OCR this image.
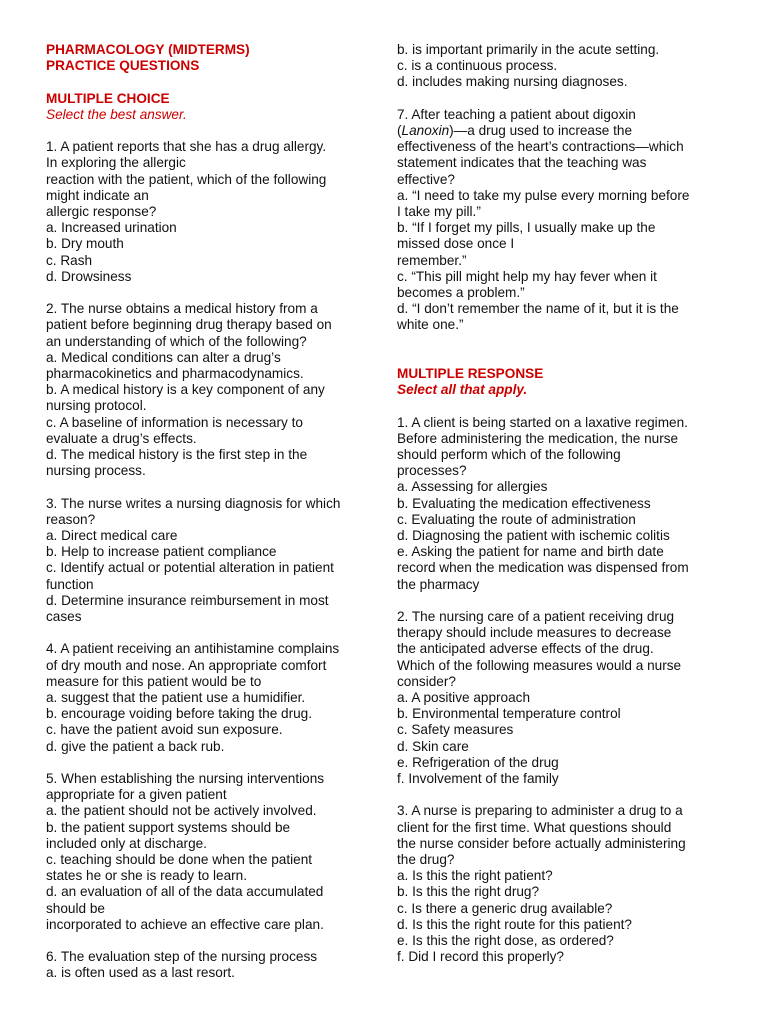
PHARMACOLOGY (MIDTERMS)
PRACTICE QUESTIONS
MULTIPLE CHOICE
Select the best answer.
1. A patient reports that she has a drug allergy.
In exploring the allergic
reaction with the patient, which of the following
might indicate an
allergic response?
a. Increased urination
b. Dry mouth
c. Rash
d. Drowsiness
2. The nurse obtains a medical history from a
patient before beginning drug therapy based on
an understanding of which of the following?
a. Medical conditions can alter a drug’s
pharmacokinetics and pharmacodynamics.
b. A medical history is a key component of any
nursing protocol.
c. A baseline of information is necessary to
evaluate a drug’s effects.
d. The medical history is the first step in the
nursing process.
3. The nurse writes a nursing diagnosis for which
reason?
a. Direct medical care
b. Help to increase patient compliance
c. Identify actual or potential alteration in patient
function
d. Determine insurance reimbursement in most
cases
4. A patient receiving an antihistamine complains
of dry mouth and nose. An appropriate comfort
measure for this patient would be to
a. suggest that the patient use a humidifier.
b. encourage voiding before taking the drug.
c. have the patient avoid sun exposure.
d. give the patient a back rub.
5. When establishing the nursing interventions
appropriate for a given patient
a. the patient should not be actively involved.
b. the patient support systems should be
included only at discharge.
c. teaching should be done when the patient
states he or she is ready to learn.
d. an evaluation of all of the data accumulated
should be
incorporated to achieve an effective care plan.
6. The evaluation step of the nursing process
a. is often used as a last resort.
b. is important primarily in the acute setting.
c. is a continuous process.
d. includes making nursing diagnoses.
7. After teaching a patient about digoxin
(Lanoxin)—a drug used to increase the
effectiveness of the heart’s contractions—which
statement indicates that the teaching was
effective?
a. “I need to take my pulse every morning before
I take my pill.”
b. “If I forget my pills, I usually make up the
missed dose once I
remember.”
c. “This pill might help my hay fever when it
becomes a problem.”
d. “I don’t remember the name of it, but it is the
white one.”
MULTIPLE RESPONSE
Select all that apply.
1. A client is being started on a laxative regimen.
Before administering the medication, the nurse
should perform which of the following
processes?
a. Assessing for allergies
b. Evaluating the medication effectiveness
c. Evaluating the route of administration
d. Diagnosing the patient with ischemic colitis
e. Asking the patient for name and birth date
record when the medication was dispensed from
the pharmacy
2. The nursing care of a patient receiving drug
therapy should include measures to decrease
the anticipated adverse effects of the drug.
Which of the following measures would a nurse
consider?
a. A positive approach
b. Environmental temperature control
c. Safety measures
d. Skin care
e. Refrigeration of the drug
f. Involvement of the family
3. A nurse is preparing to administer a drug to a
client for the first time. What questions should
the nurse consider before actually administering
the drug?
a. Is this the right patient?
b. Is this the right drug?
c. Is there a generic drug available?
d. Is this the right route for this patient?
e. Is this the right dose, as ordered?
f. Did I record this properly?
